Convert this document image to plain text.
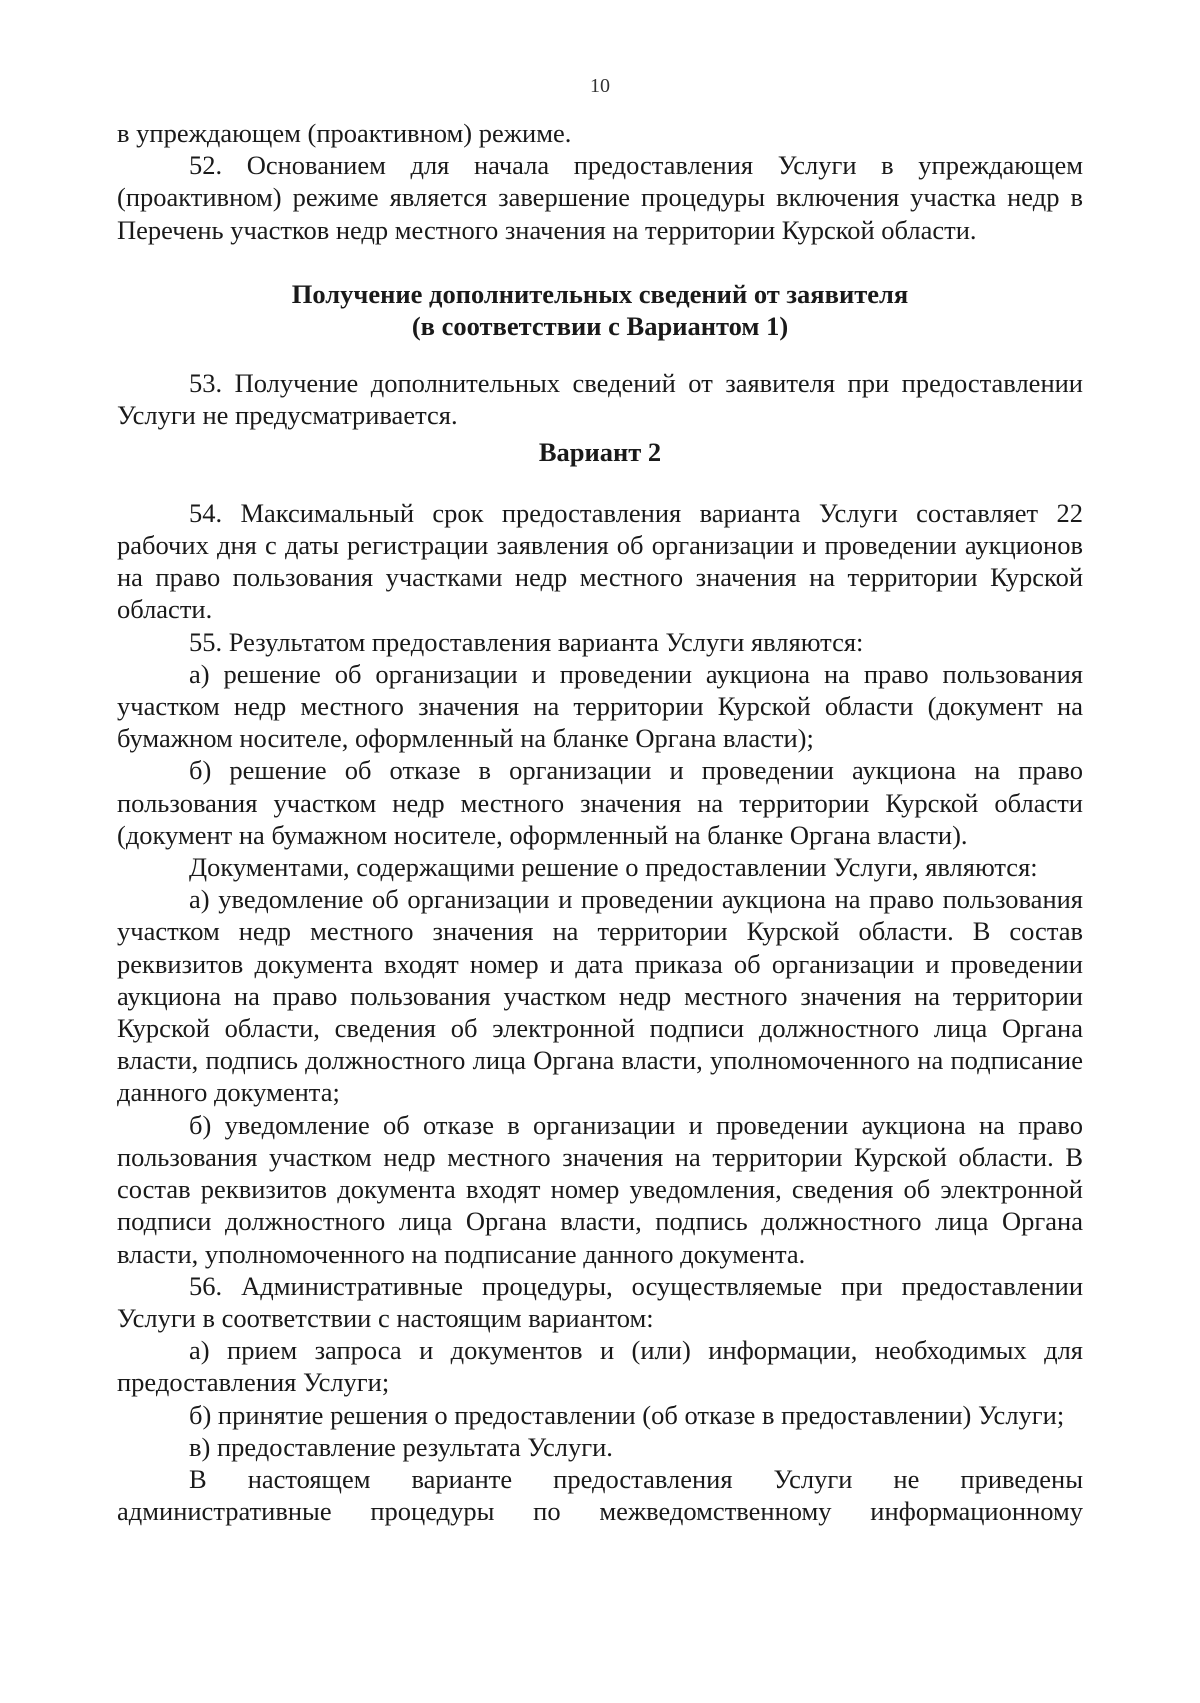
10

в упреждающем (проактивном) режиме.

52. Основанием для начала предоставления Услуги в упреждающем (проактивном) режиме является завершение процедуры включения участка недр в Перечень участков недр местного значения на территории Курской области.

Получение дополнительных сведений от заявителя
(в соответствии с Вариантом 1)

53. Получение дополнительных сведений от заявителя при предоставлении Услуги не предусматривается.

Вариант 2

54. Максимальный срок предоставления варианта Услуги составляет 22 рабочих дня с даты регистрации заявления об организации и проведении аукционов на право пользования участками недр местного значения на территории Курской области.

55. Результатом предоставления варианта Услуги являются:

а) решение об организации и проведении аукциона на право пользования участком недр местного значения на территории Курской области (документ на бумажном носителе, оформленный на бланке Органа власти);

б) решение об отказе в организации и проведении аукциона на право пользования участком недр местного значения на территории Курской области (документ на бумажном носителе, оформленный на бланке Органа власти).

Документами, содержащими решение о предоставлении Услуги, являются:

а) уведомление об организации и проведении аукциона на право пользования участком недр местного значения на территории Курской области. В состав реквизитов документа входят номер и дата приказа об организации и проведении аукциона на право пользования участком недр местного значения на территории Курской области, сведения об электронной подписи должностного лица Органа власти, подпись должностного лица Органа власти, уполномоченного на подписание данного документа;

б) уведомление об отказе в организации и проведении аукциона на право пользования участком недр местного значения на территории Курской области. В состав реквизитов документа входят номер уведомления, сведения об электронной подписи должностного лица Органа власти, подпись должностного лица Органа власти, уполномоченного на подписание данного документа.

56. Административные процедуры, осуществляемые при предоставлении Услуги в соответствии с настоящим вариантом:

а) прием запроса и документов и (или) информации, необходимых для предоставления Услуги;

б) принятие решения о предоставлении (об отказе в предоставлении) Услуги;

в) предоставление результата Услуги.

В настоящем варианте предоставления Услуги не приведены административные процедуры по межведомственному информационному
